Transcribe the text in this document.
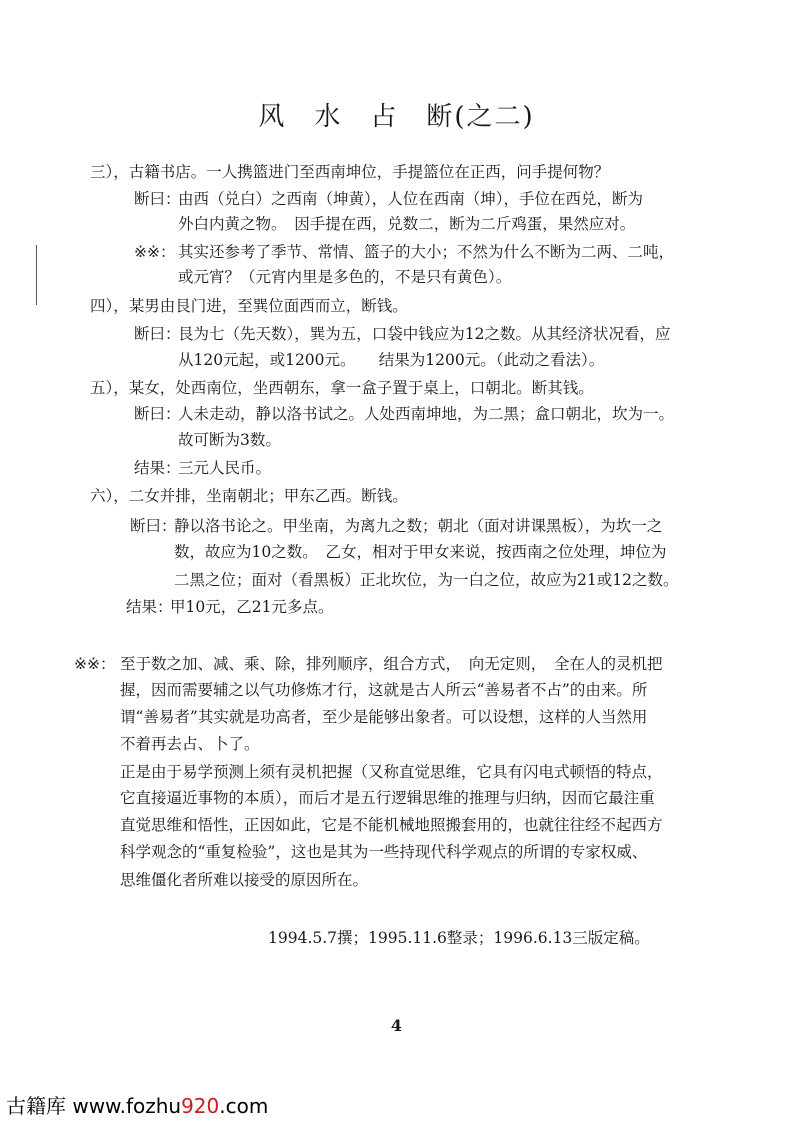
风　水　占　断(之二)
三），古籍书店。一人携篮进门至西南坤位，手提篮位在正西，问手提何物？
断曰：
由西（兑白）之西南（坤黄），人位在西南（坤），手位在西兑，断为
外白内黄之物。　因手提在西，兑数二，断为二斤鸡蛋，果然应对。
※※： 其实还参考了季节、常情、篮子的大小；不然为什么不断为二两、二吨，
或元宵？（元宵内里是多色的，不是只有黄色）。
四），某男由艮门进，至巽位面西而立，断钱。
断曰：
艮为七（先天数），巽为五，口袋中钱应为12之数。从其经济状况看，应
从120元起，或1200元。　　结果为1200元。（此动之看法）。
五），某女，处西南位，坐西朝东，拿一盒子置于桌上，口朝北。断其钱。
断曰：
人未走动，静以洛书试之。人处西南坤地，为二黑；盒口朝北，坎为一。
故可断为3数。
结果：
三元人民币。
六），二女并排，坐南朝北；甲东乙西。断钱。
断曰：
静以洛书论之。甲坐南，为离九之数；朝北（面对讲课黑板），为坎一之
数，故应为10之数。　乙女，相对于甲女来说，按西南之位处理，坤位为
二黑之位；面对（看黑板）正北坎位，为一白之位，故应为21或12之数。
结果：
甲10元，乙21元多点。
※※： 至于数之加、减、乘、除，排列顺序，组合方式，　向无定则，　全在人的灵机把
握，因而需要辅之以气功修炼才行，这就是古人所云“善易者不占”的由来。所
谓“善易者”其实就是功高者，至少是能够出象者。可以设想，这样的人当然用
不着再去占、卜了。
正是由于易学预测上须有灵机把握（又称直觉思维，它具有闪电式顿悟的特点，
它直接逼近事物的本质），而后才是五行逻辑思维的推理与归纳，因而它最注重
直觉思维和悟性，正因如此，它是不能机械地照搬套用的，也就往往经不起西方
科学观念的“重复检验”，这也是其为一些持现代科学观点的所谓的专家权威、
思维僵化者所难以接受的原因所在。
1994.5.7撰；1995.11.6整录；1996.6.13三版定稿。
4
古籍库 www.fozhu920.com
